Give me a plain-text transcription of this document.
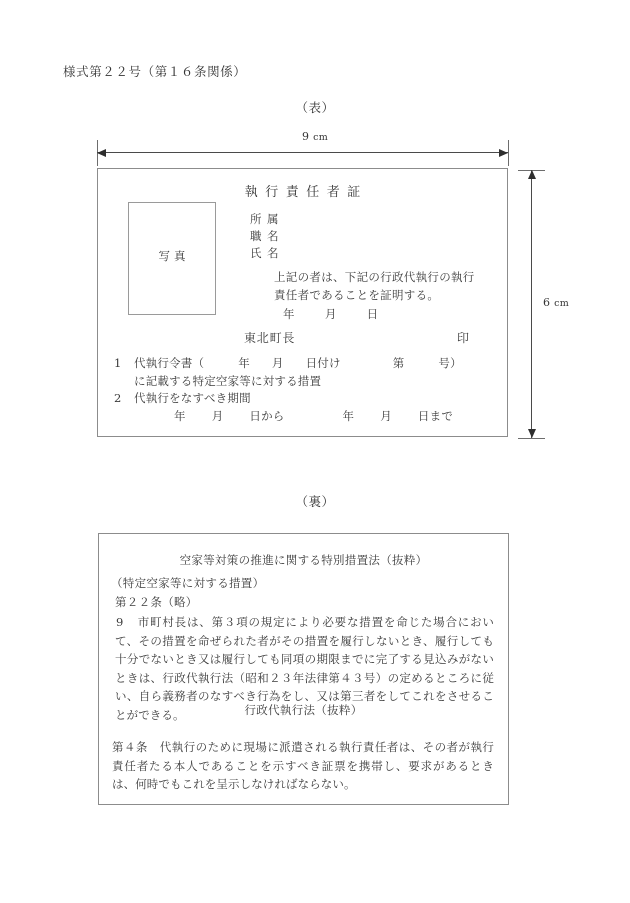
様式第２２号（第１６条関係）
（表）
9 cm
6 cm
執行責任者証
写真
所 属
職 名
氏 名
上記の者は、下記の行政代執行の執行
責任者であることを証明する。
年	月	日
東北町長	印
1 代執行令書（	年 月 日付け	第	号）
に記載する特定空家等に対する措置
2 代執行をなすべき期間
年 月 日から	年 月 日まで
（裏）
空家等対策の推進に関する特別措置法（抜粋）
（特定空家等に対する措置）
第２２条（略）
9 市町村長は、第３項の規定により必要な措置を命じた場合において、その措置を命ぜられた者がその措置を履行しないとき、履行しても十分でないとき又は履行しても同項の期限までに完了する見込みがないときは、行政代執行法（昭和２３年法律第４３号）の定めるところに従い、自ら義務者のなすべき行為をし、又は第三者をしてこれをさせることができる。	行政代執行法（抜粋）
第４条　代執行のために現場に派遣される執行責任者は、その者が執行責任者たる本人であることを示すべき証票を携帯し、要求があるときは、何時でもこれを呈示しなければならない。
